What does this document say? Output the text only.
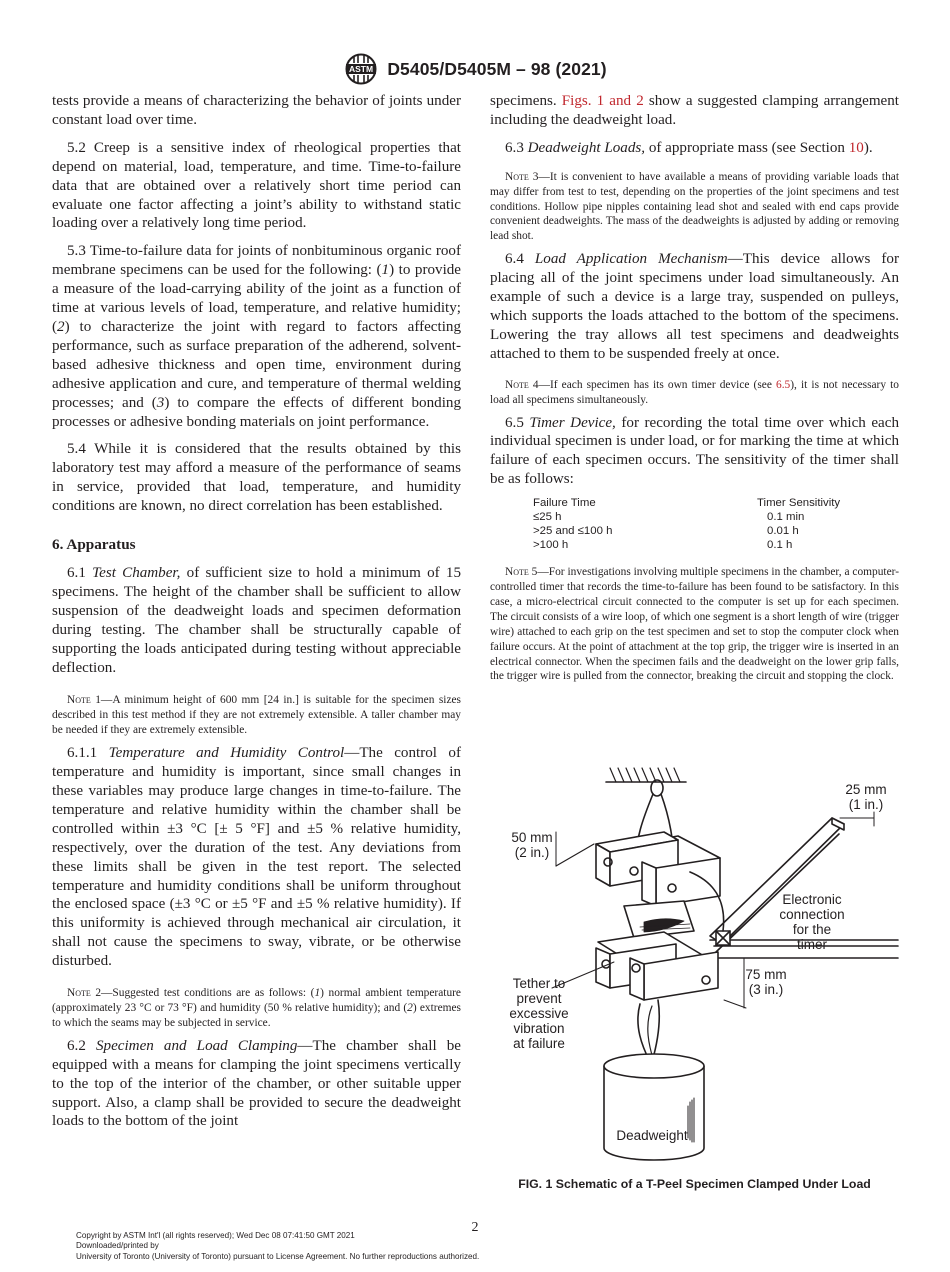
ASTM D5405/D5405M – 98 (2021)

tests provide a means of characterizing the behavior of joints under constant load over time.

5.2 Creep is a sensitive index of rheological properties that depend on material, load, temperature, and time. Time-to-failure data that are obtained over a relatively short time period can evaluate one factor affecting a joint’s ability to withstand static loading over a relatively long time period.

5.3 Time-to-failure data for joints of nonbituminous organic roof membrane specimens can be used for the following: (1) to provide a measure of the load-carrying ability of the joint as a function of time at various levels of load, temperature, and relative humidity; (2) to characterize the joint with regard to factors affecting performance, such as surface preparation of the adherend, solvent-based adhesive thickness and open time, environment during adhesive application and cure, and temperature of thermal welding processes; and (3) to compare the effects of different bonding processes or adhesive bonding materials on joint performance.

5.4 While it is considered that the results obtained by this laboratory test may afford a measure of the performance of seams in service, provided that load, temperature, and humidity conditions are known, no direct correlation has been established.

6. Apparatus

6.1 Test Chamber, of sufficient size to hold a minimum of 15 specimens. The height of the chamber shall be sufficient to allow suspension of the deadweight loads and specimen deformation during testing. The chamber shall be structurally capable of supporting the loads anticipated during testing without appreciable deflection.

Note 1—A minimum height of 600 mm [24 in.] is suitable for the specimen sizes described in this test method if they are not extremely extensible. A taller chamber may be needed if they are extremely extensible.

6.1.1 Temperature and Humidity Control—The control of temperature and humidity is important, since small changes in these variables may produce large changes in time-to-failure. The temperature and relative humidity within the chamber shall be controlled within ±3 °C [± 5 °F] and ±5 % relative humidity, respectively, over the duration of the test. Any deviations from these limits shall be given in the test report. The selected temperature and humidity conditions shall be uniform throughout the enclosed space (±3 °C or ±5 °F and ±5 % relative humidity). If this uniformity is achieved through mechanical air circulation, it shall not cause the specimens to sway, vibrate, or be otherwise disturbed.

Note 2—Suggested test conditions are as follows: (1) normal ambient temperature (approximately 23 °C or 73 °F) and humidity (50 % relative humidity); and (2) extremes to which the seams may be subjected in service.

6.2 Specimen and Load Clamping—The chamber shall be equipped with a means for clamping the joint specimens vertically to the top of the interior of the chamber, or other suitable upper support. Also, a clamp shall be provided to secure the deadweight loads to the bottom of the joint

specimens. Figs. 1 and 2 show a suggested clamping arrangement including the deadweight load.

6.3 Deadweight Loads, of appropriate mass (see Section 10).

Note 3—It is convenient to have available a means of providing variable loads that may differ from test to test, depending on the properties of the joint specimens and test conditions. Hollow pipe nipples containing lead shot and sealed with end caps provide convenient deadweights. The mass of the deadweights is adjusted by adding or removing lead shot.

6.4 Load Application Mechanism—This device allows for placing all of the joint specimens under load simultaneously. An example of such a device is a large tray, suspended on pulleys, which supports the loads attached to the bottom of the specimens. Lowering the tray allows all test specimens and deadweights attached to them to be suspended freely at once.

Note 4—If each specimen has its own timer device (see 6.5), it is not necessary to load all specimens simultaneously.

6.5 Timer Device, for recording the total time over which each individual specimen is under load, or for marking the time at which failure of each specimen occurs. The sensitivity of the timer shall be as follows:

Failure Time	Timer Sensitivity
≤25 h	0.1 min
>25 and ≤100 h	0.01 h
>100 h	0.1 h

Note 5—For investigations involving multiple specimens in the chamber, a computer-controlled timer that records the time-to-failure has been found to be satisfactory. In this case, a micro-electrical circuit connected to the computer is set up for each specimen. The circuit consists of a wire loop, of which one segment is a short length of wire (trigger wire) attached to each grip on the test specimen and set to stop the computer clock when failure occurs. At the point of attachment at the top grip, the trigger wire is inserted in an electrical connector. When the specimen fails and the deadweight on the lower grip falls, the trigger wire is pulled from the connector, breaking the circuit and stopping the clock.

25 mm
(1 in.)
50 mm
(2 in.)
Electronic
connection
for the
timer
75 mm
(3 in.)
Tether to
prevent
excessive
vibration
at failure
Deadweight
FIG. 1 Schematic of a T-Peel Specimen Clamped Under Load
2
Copyright by ASTM Int'l (all rights reserved); Wed Dec 08 07:41:50 GMT 2021
Downloaded/printed by
University of Toronto (University of Toronto) pursuant to License Agreement. No further reproductions authorized.
